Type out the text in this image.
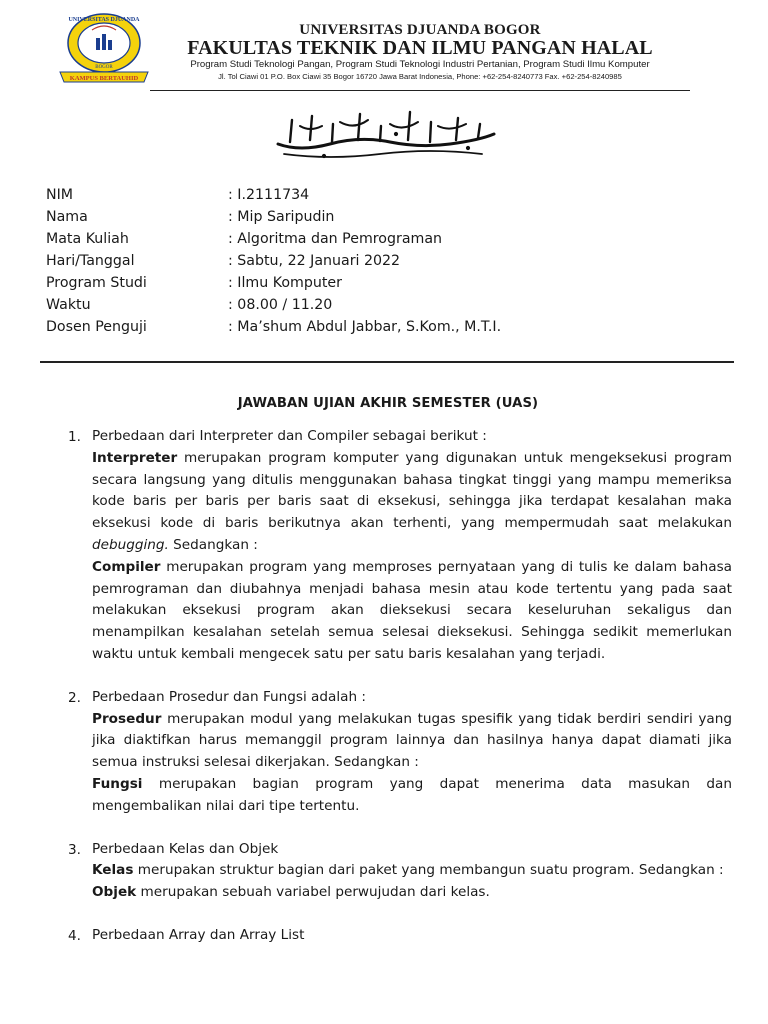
UNIVERSITAS DJUANDA
BOGOR
KAMPUS BERTAUHID
UNIVERSITAS DJUANDA BOGOR
FAKULTAS TEKNIK DAN ILMU PANGAN HALAL
Program Studi Teknologi Pangan, Program Studi Teknologi Industri Pertanian, Program Studi Ilmu Komputer
Jl. Tol Ciawi 01 P.O. Box Ciawi 35 Bogor 16720 Jawa Barat Indonesia, Phone: +62-254-8240773 Fax. +62-254-8240985
NIM	: I.2111734
Nama	: Mip Saripudin
Mata Kuliah	: Algoritma dan Pemrograman
Hari/Tanggal	: Sabtu, 22 Januari 2022
Program Studi	: Ilmu Komputer
Waktu	: 08.00 / 11.20
Dosen Penguji	: Ma’shum Abdul Jabbar, S.Kom., M.T.I.
JAWABAN UJIAN AKHIR SEMESTER (UAS)
1. Perbedaan dari Interpreter dan Compiler sebagai berikut :
Interpreter merupakan program komputer yang digunakan untuk mengeksekusi program secara langsung yang ditulis menggunakan bahasa tingkat tinggi yang mampu memeriksa kode baris per baris per baris saat di eksekusi, sehingga jika terdapat kesalahan maka eksekusi kode di baris berikutnya akan terhenti, yang mempermudah saat melakukan debugging. Sedangkan :
Compiler merupakan program yang memproses pernyataan yang di tulis ke dalam bahasa pemrograman dan diubahnya menjadi bahasa mesin atau kode tertentu yang pada saat melakukan eksekusi program akan dieksekusi secara keseluruhan sekaligus dan menampilkan kesalahan setelah semua selesai dieksekusi. Sehingga sedikit memerlukan waktu untuk kembali mengecek satu per satu baris kesalahan yang terjadi.
2. Perbedaan Prosedur dan Fungsi adalah :
Prosedur merupakan modul yang melakukan tugas spesifik yang tidak berdiri sendiri yang jika diaktifkan harus memanggil program lainnya dan hasilnya hanya dapat diamati jika semua instruksi selesai dikerjakan. Sedangkan :
Fungsi merupakan bagian program yang dapat menerima data masukan dan mengembalikan nilai dari tipe tertentu.
3. Perbedaan Kelas dan Objek
Kelas merupakan struktur bagian dari paket yang membangun suatu program. Sedangkan :
Objek merupakan sebuah variabel perwujudan dari kelas.
4. Perbedaan Array dan Array List
